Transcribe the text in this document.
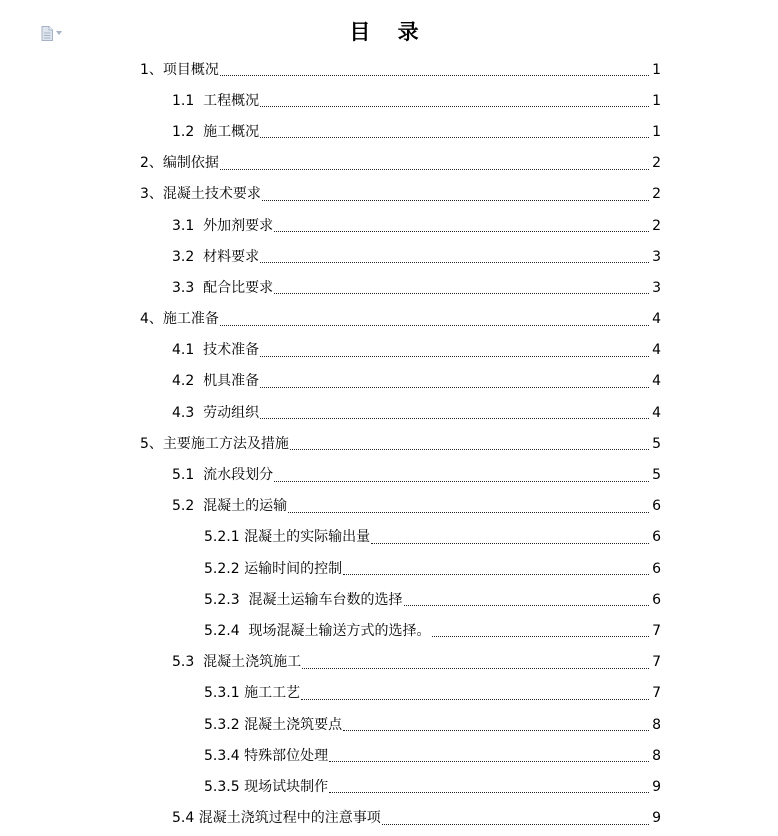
目 录
1、项目概况	1
1.1  工程概况	1
1.2  施工概况	1
2、编制依据	2
3、混凝土技术要求	2
3.1  外加剂要求	2
3.2  材料要求	3
3.3  配合比要求	3
4、施工准备	4
4.1  技术准备	4
4.2  机具准备	4
4.3  劳动组织	4
5、主要施工方法及措施	5
5.1  流水段划分	5
5.2  混凝土的运输	6
5.2.1 混凝土的实际输出量	6
5.2.2 运输时间的控制	6
5.2.3  混凝土运输车台数的选择	6
5.2.4  现场混凝土输送方式的选择。	7
5.3  混凝土浇筑施工	7
5.3.1 施工工艺	7
5.3.2 混凝土浇筑要点	8
5.3.4 特殊部位处理	8
5.3.5 现场试块制作	9
5.4 混凝土浇筑过程中的注意事项	9
